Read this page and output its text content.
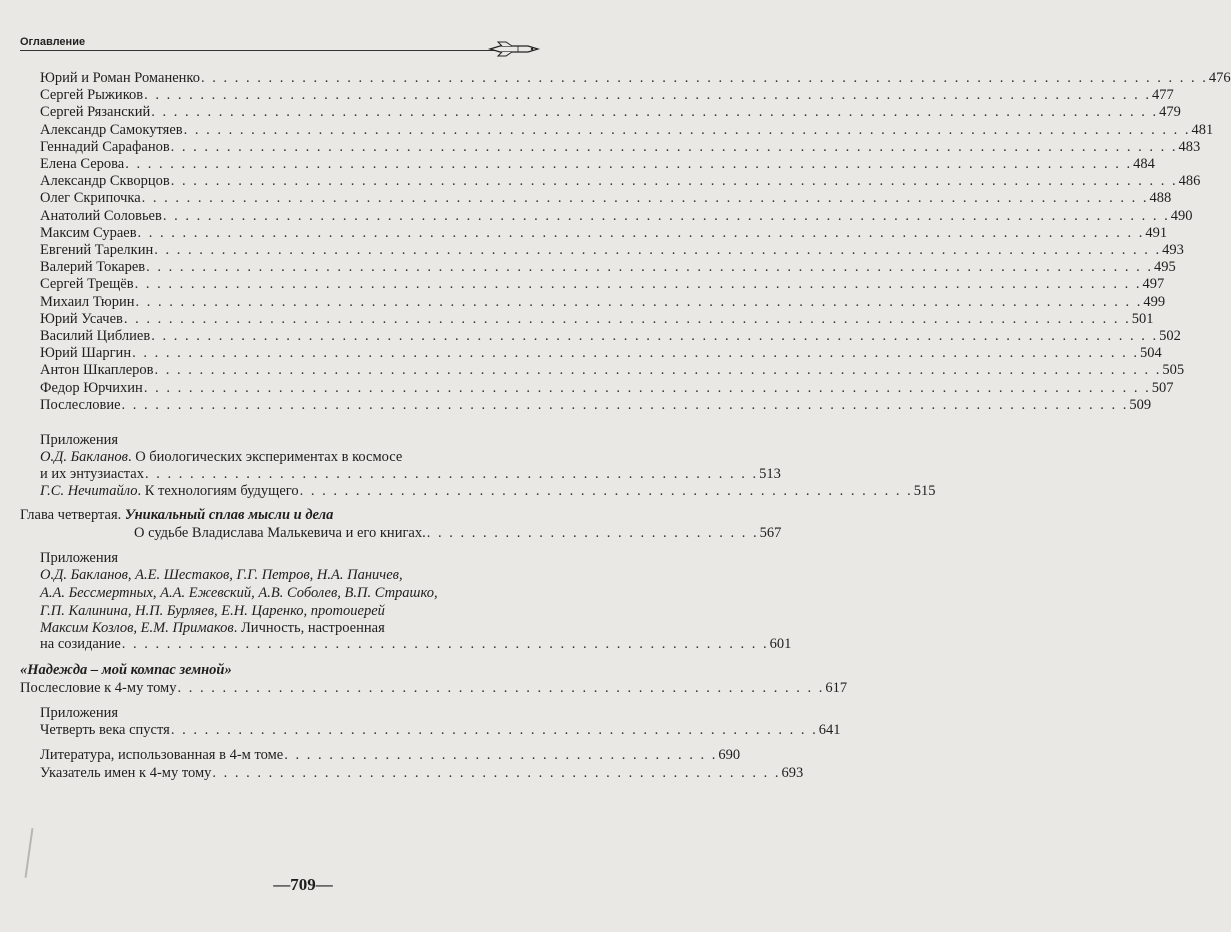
Оглавление
Юрий и Роман Романенко . . . . . . . . . . . . . . . . . . . . . . . . . . . . . . . . . . . . . . . . . . . . . . . . . . . . . . . . . . . . . . . . . . . . . . . . . . . . . . . . . . . . . . . . . . 476
Сергей Рыжиков . . . . . . . . . . . . . . . . . . . . . . . . . . . . . . . . . . . . . . . . . . . . . . . . . . . . . . . . . . . . . . . . . . . . . . . . . . . . . . . . . . . . . . . . . . 477
Сергей Рязанский . . . . . . . . . . . . . . . . . . . . . . . . . . . . . . . . . . . . . . . . . . . . . . . . . . . . . . . . . . . . . . . . . . . . . . . . . . . . . . . . . . . . . . . . . . 479
Александр Самокутяев . . . . . . . . . . . . . . . . . . . . . . . . . . . . . . . . . . . . . . . . . . . . . . . . . . . . . . . . . . . . . . . . . . . . . . . . . . . . . . . . . . . . . . . . . . 481
Геннадий Сарафанов . . . . . . . . . . . . . . . . . . . . . . . . . . . . . . . . . . . . . . . . . . . . . . . . . . . . . . . . . . . . . . . . . . . . . . . . . . . . . . . . . . . . . . . . . . 483
Елена Серова . . . . . . . . . . . . . . . . . . . . . . . . . . . . . . . . . . . . . . . . . . . . . . . . . . . . . . . . . . . . . . . . . . . . . . . . . . . . . . . . . . . . . . . . . . 484
Александр Скворцов . . . . . . . . . . . . . . . . . . . . . . . . . . . . . . . . . . . . . . . . . . . . . . . . . . . . . . . . . . . . . . . . . . . . . . . . . . . . . . . . . . . . . . . . . . 486
Олег Скрипочка . . . . . . . . . . . . . . . . . . . . . . . . . . . . . . . . . . . . . . . . . . . . . . . . . . . . . . . . . . . . . . . . . . . . . . . . . . . . . . . . . . . . . . . . . . 488
Анатолий Соловьев . . . . . . . . . . . . . . . . . . . . . . . . . . . . . . . . . . . . . . . . . . . . . . . . . . . . . . . . . . . . . . . . . . . . . . . . . . . . . . . . . . . . . . . . . . 490
Максим Сураев . . . . . . . . . . . . . . . . . . . . . . . . . . . . . . . . . . . . . . . . . . . . . . . . . . . . . . . . . . . . . . . . . . . . . . . . . . . . . . . . . . . . . . . . . . 491
Евгений Тарелкин . . . . . . . . . . . . . . . . . . . . . . . . . . . . . . . . . . . . . . . . . . . . . . . . . . . . . . . . . . . . . . . . . . . . . . . . . . . . . . . . . . . . . . . . . . 493
Валерий Токарев . . . . . . . . . . . . . . . . . . . . . . . . . . . . . . . . . . . . . . . . . . . . . . . . . . . . . . . . . . . . . . . . . . . . . . . . . . . . . . . . . . . . . . . . . . 495
Сергей Трещёв . . . . . . . . . . . . . . . . . . . . . . . . . . . . . . . . . . . . . . . . . . . . . . . . . . . . . . . . . . . . . . . . . . . . . . . . . . . . . . . . . . . . . . . . . . 497
Михаил Тюрин . . . . . . . . . . . . . . . . . . . . . . . . . . . . . . . . . . . . . . . . . . . . . . . . . . . . . . . . . . . . . . . . . . . . . . . . . . . . . . . . . . . . . . . . . . 499
Юрий Усачев . . . . . . . . . . . . . . . . . . . . . . . . . . . . . . . . . . . . . . . . . . . . . . . . . . . . . . . . . . . . . . . . . . . . . . . . . . . . . . . . . . . . . . . . . . 501
Василий Циблиев . . . . . . . . . . . . . . . . . . . . . . . . . . . . . . . . . . . . . . . . . . . . . . . . . . . . . . . . . . . . . . . . . . . . . . . . . . . . . . . . . . . . . . . . . . 502
Юрий Шаргин . . . . . . . . . . . . . . . . . . . . . . . . . . . . . . . . . . . . . . . . . . . . . . . . . . . . . . . . . . . . . . . . . . . . . . . . . . . . . . . . . . . . . . . . . . 504
Антон Шкаплеров . . . . . . . . . . . . . . . . . . . . . . . . . . . . . . . . . . . . . . . . . . . . . . . . . . . . . . . . . . . . . . . . . . . . . . . . . . . . . . . . . . . . . . . . . . 505
Федор Юрчихин . . . . . . . . . . . . . . . . . . . . . . . . . . . . . . . . . . . . . . . . . . . . . . . . . . . . . . . . . . . . . . . . . . . . . . . . . . . . . . . . . . . . . . . . . . 507
Послесловие . . . . . . . . . . . . . . . . . . . . . . . . . . . . . . . . . . . . . . . . . . . . . . . . . . . . . . . . . . . . . . . . . . . . . . . . . . . . . . . . . . . . . . . . . . 509
Приложения
О.Д. Бакланов. О биологических экспериментах в космосе
и их энтузиастах . . . . . . . . . . . . . . . . . . . . . . . . . . . . . . . . . . . . . . . . . . . . . . . . . . . . . . . 513
Г.С. Нечитайло. К технологиям будущего . . . . . . . . . . . . . . . . . . . . . . . . . . . . . . . . . . . . . . . . . . . . . . . . . . . . . . . 515
Глава четвертая. Уникальный сплав мысли и дела
О судьбе Владислава Малькевича и его книгах. . . . . . . . . . . . . . . . . . . . . . . . . . . . . . . 567
Приложения
О.Д. Бакланов, А.Е. Шестаков, Г.Г. Петров, Н.А. Паничев,
А.А. Бессмертных, А.А. Ежевский, А.В. Соболев, В.П. Страшко,
Г.П. Калинина, Н.П. Бурляев, Е.Н. Царенко, протоиерей
Максим Козлов, Е.М. Примаков. Личность, настроенная
на созидание . . . . . . . . . . . . . . . . . . . . . . . . . . . . . . . . . . . . . . . . . . . . . . . . . . . . . . . . . . 601
«Надежда – мой компас земной»
Послесловие к 4-му тому . . . . . . . . . . . . . . . . . . . . . . . . . . . . . . . . . . . . . . . . . . . . . . . . . . . . . . . . . . 617
Приложения
Четверть века спустя . . . . . . . . . . . . . . . . . . . . . . . . . . . . . . . . . . . . . . . . . . . . . . . . . . . . . . . . . . 641
Литература, использованная в 4-м томе . . . . . . . . . . . . . . . . . . . . . . . . . . . . . . . . . . . . . . . 690
Указатель имен к 4-му тому . . . . . . . . . . . . . . . . . . . . . . . . . . . . . . . . . . . . . . . . . . . . . . . . . . . 693
—709—
